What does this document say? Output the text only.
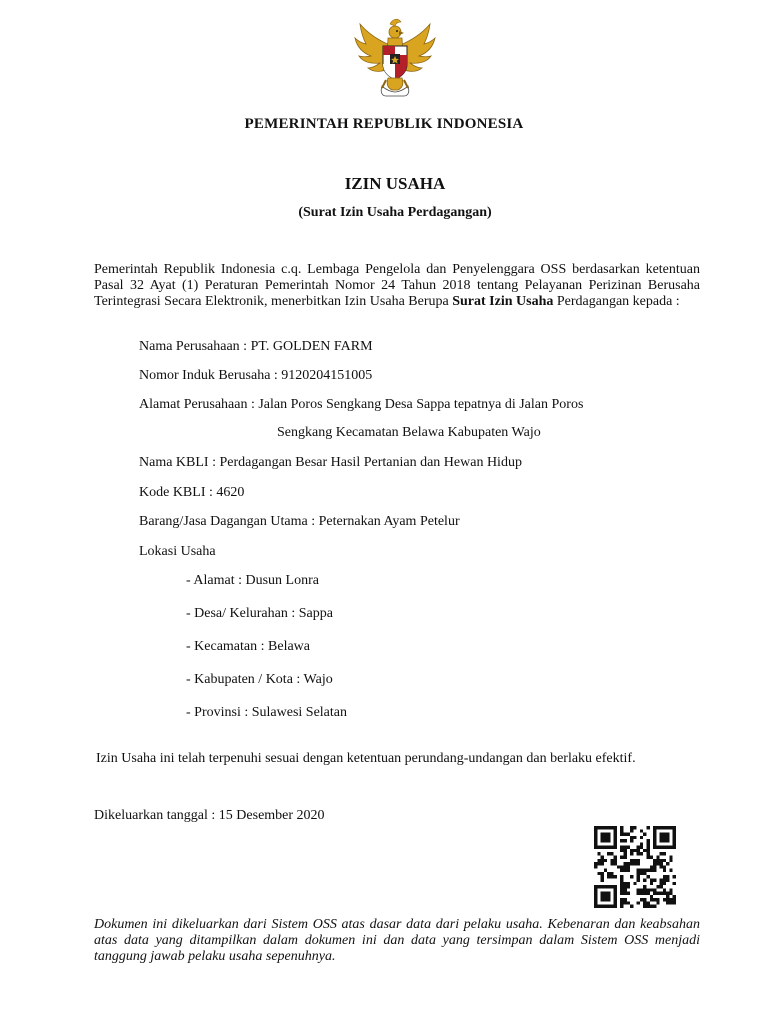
PEMERINTAH REPUBLIK INDONESIA
IZIN USAHA
(Surat Izin Usaha Perdagangan)
Pemerintah Republik Indonesia c.q. Lembaga Pengelola dan Penyelenggara OSS berdasarkan ketentuan Pasal 32 Ayat (1) Peraturan Pemerintah Nomor 24 Tahun 2018 tentang Pelayanan Perizinan Berusaha Terintegrasi Secara Elektronik, menerbitkan Izin Usaha Berupa Surat Izin Usaha Perdagangan kepada :
Nama Perusahaan : PT. GOLDEN FARM
Nomor Induk Berusaha : 9120204151005
Alamat Perusahaan : Jalan Poros Sengkang Desa Sappa tepatnya di Jalan Poros
Sengkang Kecamatan Belawa Kabupaten Wajo
Nama KBLI : Perdagangan Besar Hasil Pertanian dan Hewan Hidup
Kode KBLI : 4620
Barang/Jasa Dagangan Utama : Peternakan Ayam Petelur
Lokasi Usaha
- Alamat : Dusun Lonra
- Desa/ Kelurahan : Sappa
- Kecamatan : Belawa
- Kabupaten / Kota : Wajo
- Provinsi : Sulawesi Selatan
Izin Usaha ini telah terpenuhi sesuai dengan ketentuan perundang-undangan dan berlaku efektif.
Dikeluarkan tanggal : 15 Desember 2020
Dokumen ini dikeluarkan dari Sistem OSS atas dasar data dari pelaku usaha. Kebenaran dan keabsahan atas data yang ditampilkan dalam dokumen ini dan data yang tersimpan dalam Sistem OSS menjadi tanggung jawab pelaku usaha sepenuhnya.
